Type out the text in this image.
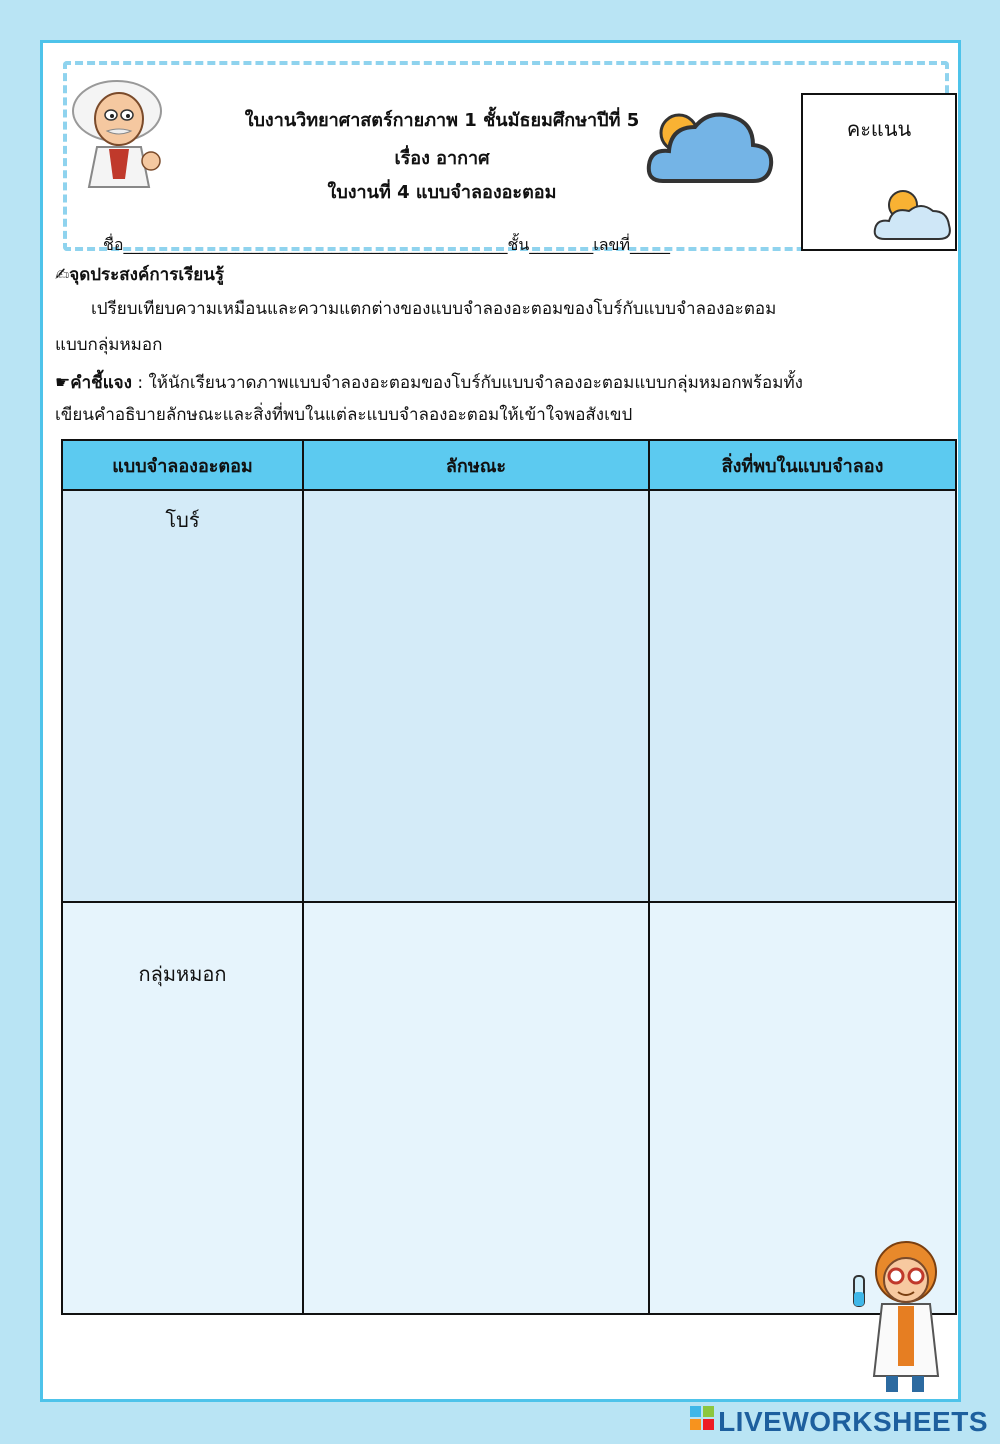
ใบงานวิทยาศาสตร์กายภาพ 1 ชั้นมัธยมศึกษาปีที่ 5
เรื่อง อากาศ
ใบงานที่ 4 แบบจำลองอะตอม
ชื่อ________________________________________________ชั้น________เลขที่_____
คะแนน
✍จุดประสงค์การเรียนรู้
เปรียบเทียบความเหมือนและความแตกต่างของแบบจำลองอะตอมของโบร์กับแบบจำลองอะตอม
แบบกลุ่มหมอก
☛คำชี้แจง : ให้นักเรียนวาดภาพแบบจำลองอะตอมของโบร์กับแบบจำลองอะตอมแบบกลุ่มหมอกพร้อมทั้ง
เขียนคำอธิบายลักษณะและสิ่งที่พบในแต่ละแบบจำลองอะตอมให้เข้าใจพอสังเขป
แบบจำลองอะตอม	ลักษณะ	สิ่งที่พบในแบบจำลอง

โบร์		

กลุ่มหมอก		

LIVEWORKSHEETS
